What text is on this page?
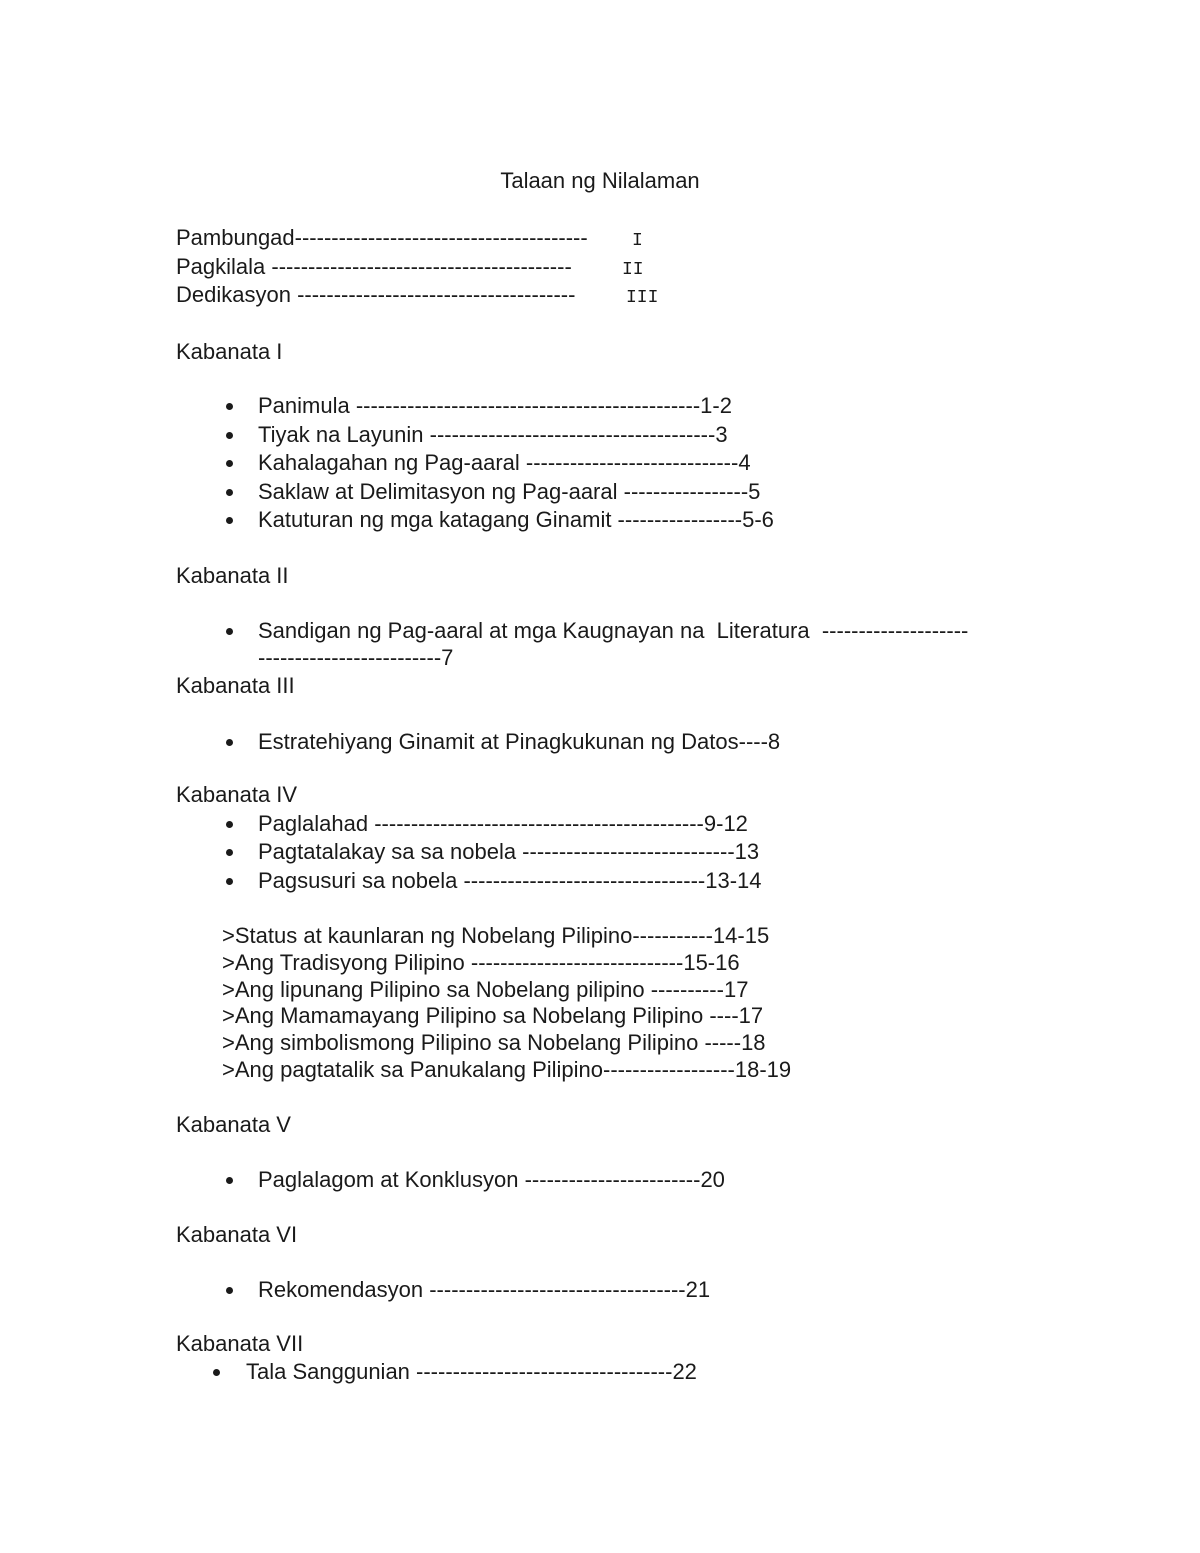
Talaan ng Nilalaman
Pambungad---------------------------------------- I
Pagkilala -----------------------------------------	II
Dedikasyon --------------------------------------	III
Kabanata I
Panimula -----------------------------------------------1-2
Tiyak na Layunin ---------------------------------------3
Kahalagahan ng Pag-aaral -----------------------------4
Saklaw at Delimitasyon ng Pag-aaral -----------------5
Katuturan ng mga katagang Ginamit -----------------5-6
Kabanata II
Sandigan ng Pag-aaral at mga Kaugnayan na  Literatura  --------------------
-------------------------7
Kabanata III
Estratehiyang Ginamit at Pinagkukunan ng Datos----8
Kabanata IV
Paglalahad ---------------------------------------------9-12
Pagtatalakay sa sa nobela -----------------------------13
Pagsusuri sa nobela ---------------------------------13-14
>Status at kaunlaran ng Nobelang Pilipino-----------14-15
>Ang Tradisyong Pilipino -----------------------------15-16
>Ang lipunang Pilipino sa Nobelang pilipino ----------17
>Ang Mamamayang Pilipino sa Nobelang Pilipino ----17
>Ang simbolismong Pilipino sa Nobelang Pilipino -----18
>Ang pagtatalik sa Panukalang Pilipino------------------18-19
Kabanata V
Paglalagom at Konklusyon ------------------------20
Kabanata VI
Rekomendasyon -----------------------------------21
Kabanata VII
Tala Sanggunian -----------------------------------22
